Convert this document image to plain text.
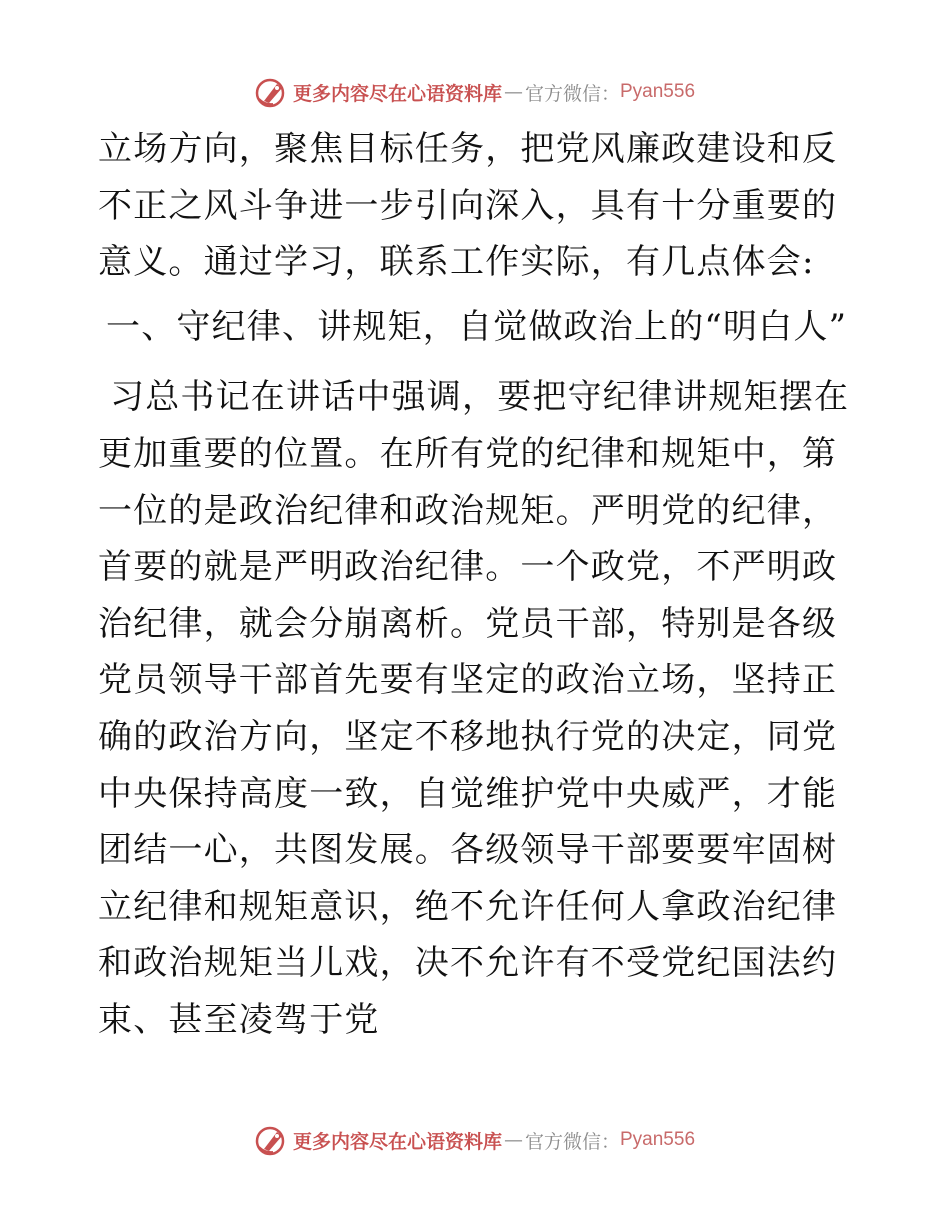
更多内容尽在心语资料库 — 官方微信： Pyan556

立场方向，聚焦目标任务，把党风廉政建设和反不正之风斗争进一步引向深入，具有十分重要的意义。通过学习，联系工作实际，有几点体会:

一、守纪律、讲规矩，自觉做政治上的“明白人”

习总书记在讲话中强调，要把守纪律讲规矩摆在更加重要的位置。在所有党的纪律和规矩中，第一位的是政治纪律和政治规矩。严明党的纪律，首要的就是严明政治纪律。一个政党，不严明政治纪律，就会分崩离析。党员干部，特别是各级党员领导干部首先要有坚定的政治立场，坚持正确的政治方向，坚定不移地执行党的决定，同党中央保持高度一致，自觉维护党中央威严，才能团结一心，共图发展。各级领导干部要要牢固树立纪律和规矩意识，绝不允许任何人拿政治纪律和政治规矩当儿戏，决不允许有不受党纪国法约束、甚至凌驾于党

更多内容尽在心语资料库 — 官方微信： Pyan556
